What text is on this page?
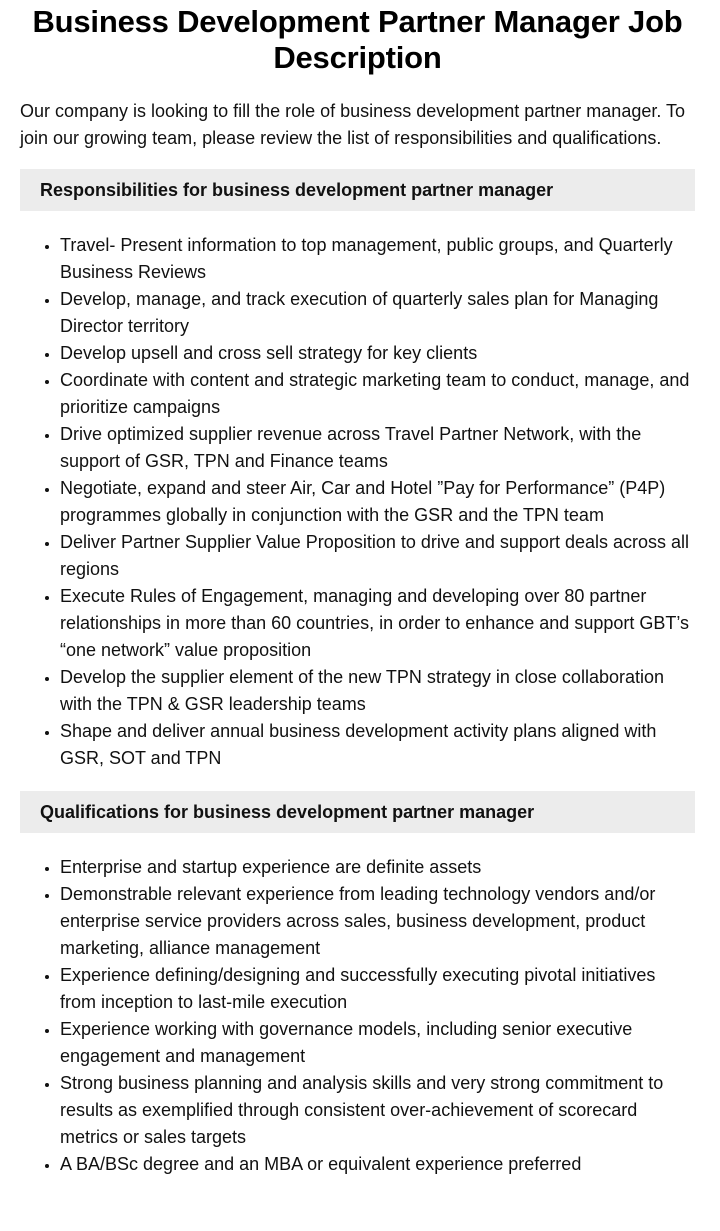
Business Development Partner Manager Job Description

Our company is looking to fill the role of business development partner manager. To join our growing team, please review the list of responsibilities and qualifications.

Responsibilities for business development partner manager
• Travel- Present information to top management, public groups, and Quarterly Business Reviews
• Develop, manage, and track execution of quarterly sales plan for Managing Director territory
• Develop upsell and cross sell strategy for key clients
• Coordinate with content and strategic marketing team to conduct, manage, and prioritize campaigns
• Drive optimized supplier revenue across Travel Partner Network, with the support of GSR, TPN and Finance teams
• Negotiate, expand and steer Air, Car and Hotel ”Pay for Performance” (P4P) programmes globally in conjunction with the GSR and the TPN team
• Deliver Partner Supplier Value Proposition to drive and support deals across all regions
• Execute Rules of Engagement, managing and developing over 80 partner relationships in more than 60 countries, in order to enhance and support GBT’s “one network” value proposition
• Develop the supplier element of the new TPN strategy in close collaboration with the TPN & GSR leadership teams
• Shape and deliver annual business development activity plans aligned with GSR, SOT and TPN
Qualifications for business development partner manager
• Enterprise and startup experience are definite assets
• Demonstrable relevant experience from leading technology vendors and/or enterprise service providers across sales, business development, product marketing, alliance management
• Experience defining/designing and successfully executing pivotal initiatives from inception to last-mile execution
• Experience working with governance models, including senior executive engagement and management
• Strong business planning and analysis skills and very strong commitment to results as exemplified through consistent over-achievement of scorecard metrics or sales targets
• A BA/BSc degree and an MBA or equivalent experience preferred
